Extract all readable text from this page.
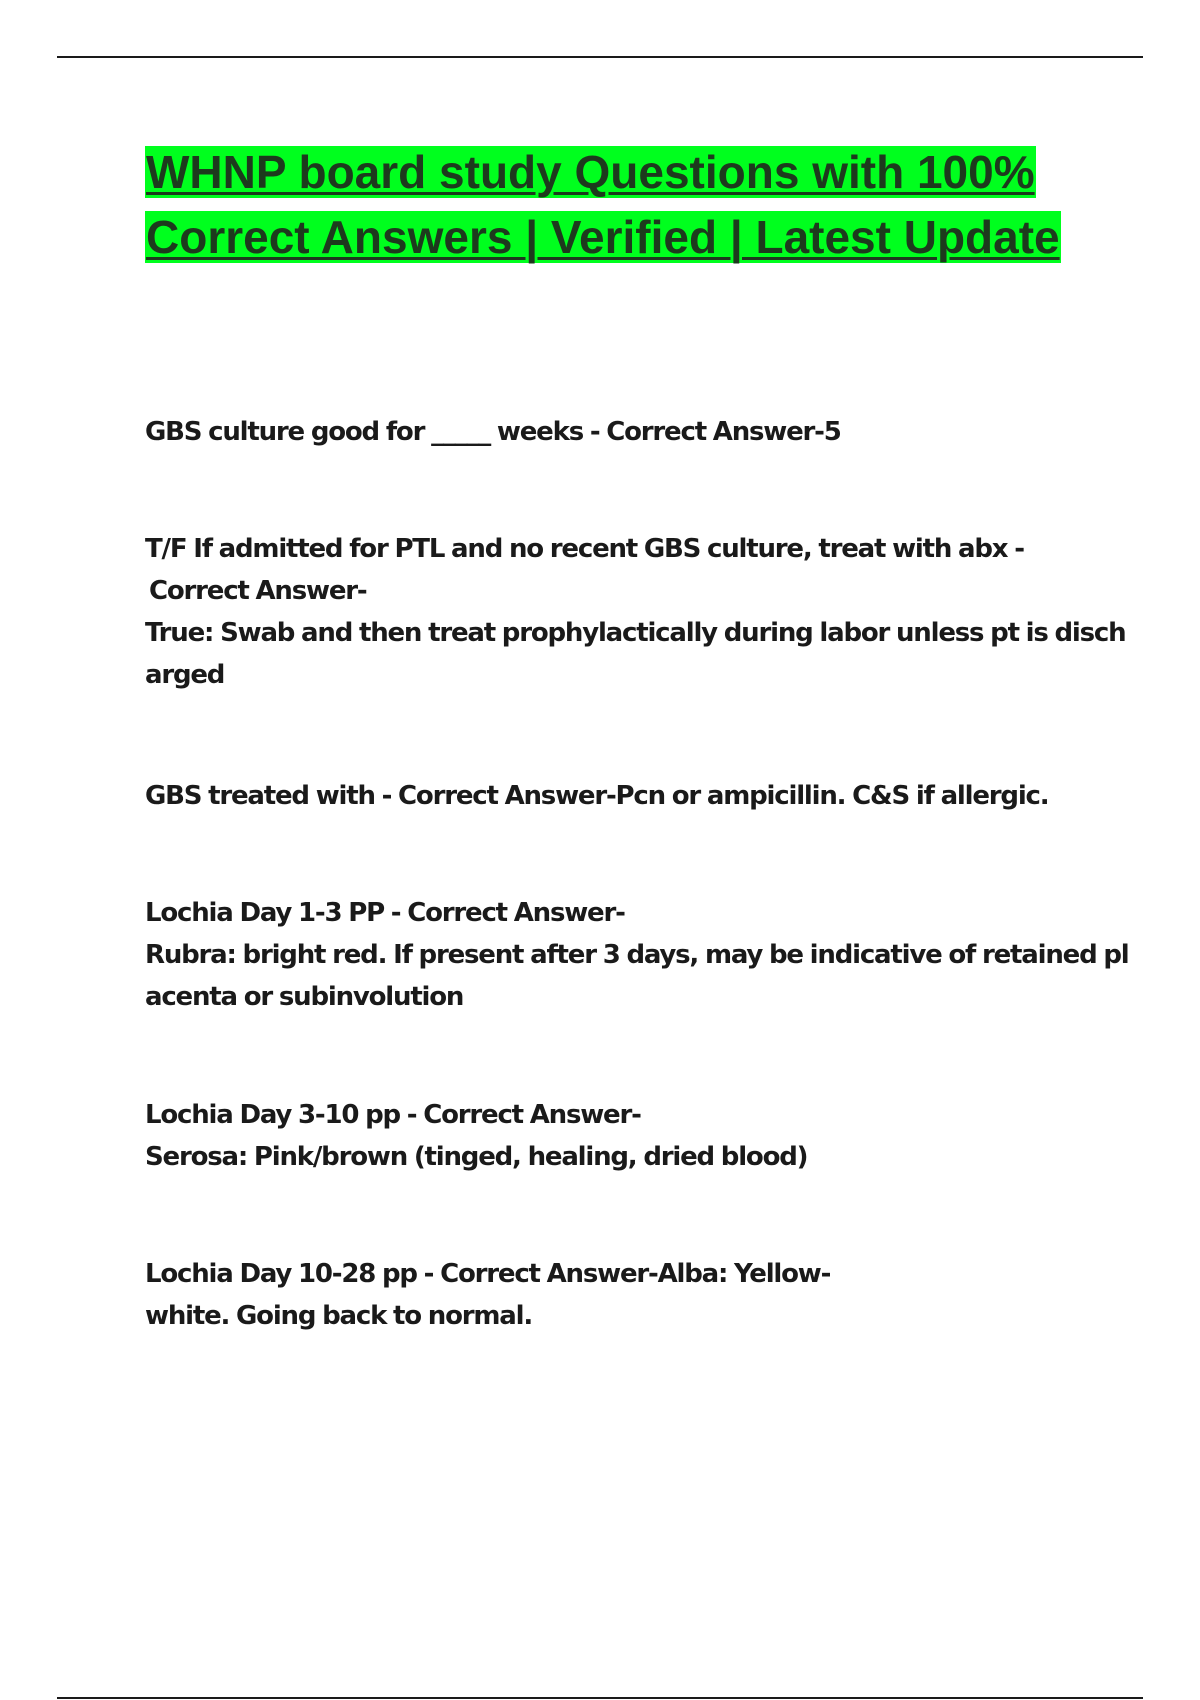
WHNP board study Questions with 100% Correct Answers | Verified | Latest Update
GBS culture good for _____ weeks - Correct Answer-5
T/F If admitted for PTL and no recent GBS culture, treat with abx -
Correct Answer-
True: Swab and then treat prophylactically during labor unless pt is disch
arged
GBS treated with - Correct Answer-Pcn or ampicillin. C&S if allergic.
Lochia Day 1-3 PP - Correct Answer-
Rubra: bright red. If present after 3 days, may be indicative of retained pl
acenta or subinvolution
Lochia Day 3-10 pp - Correct Answer-
Serosa: Pink/brown (tinged, healing, dried blood)
Lochia Day 10-28 pp - Correct Answer-Alba: Yellow-
white. Going back to normal.
